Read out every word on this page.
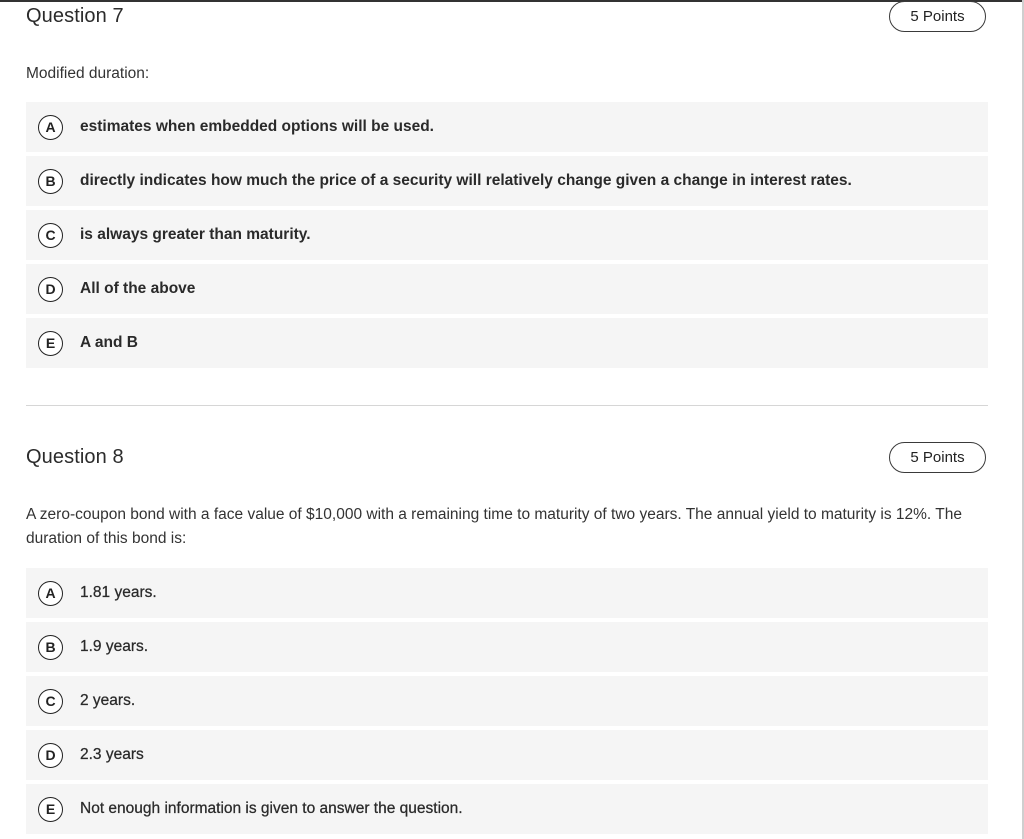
Question 7	5 Points
Modified duration:
A	estimates when embedded options will be used.
B	directly indicates how much the price of a security will relatively change given a change in interest rates.
C	is always greater than maturity.
D	All of the above
E	A and B
Question 8	5 Points
A zero-coupon bond with a face value of $10,000 with a remaining time to maturity of two years. The annual yield to maturity is 12%. The duration of this bond is:
A	1.81 years.
B	1.9 years.
C	2 years.
D	2.3 years
E	Not enough information is given to answer the question.
